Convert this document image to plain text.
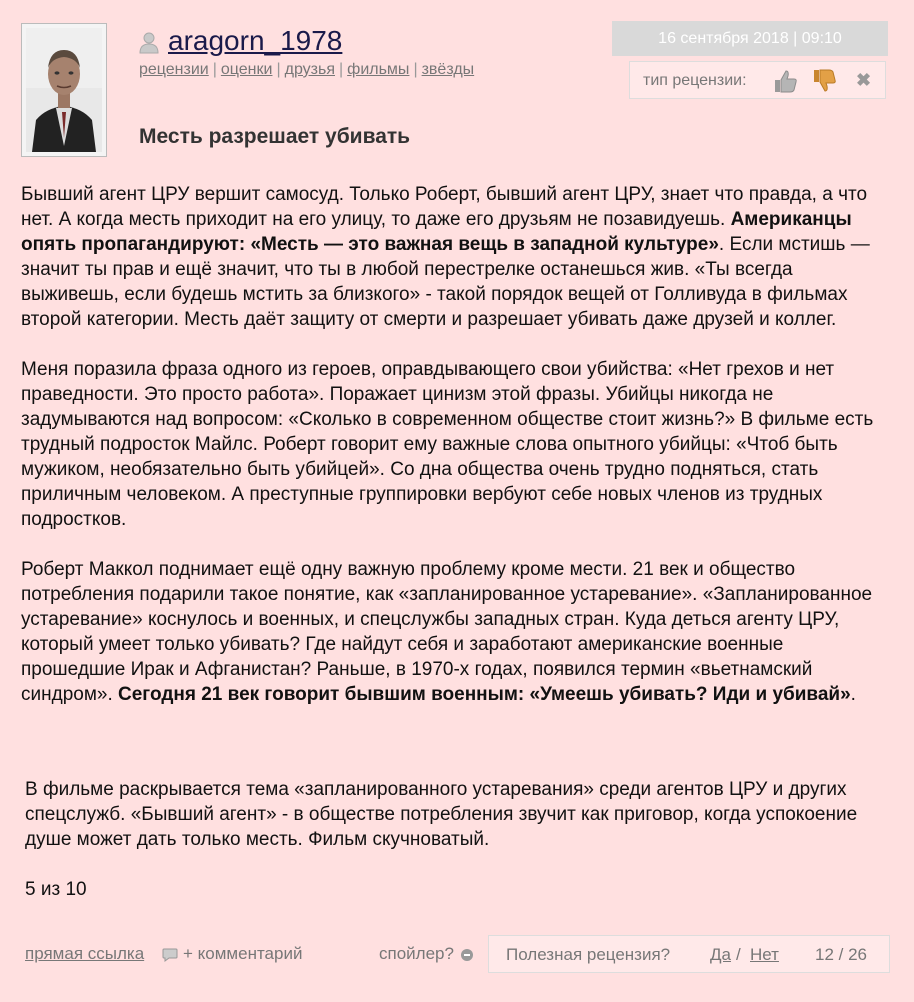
aragorn_1978
рецензии | оценки | друзья | фильмы | звёзды
Месть разрешает убивать
16 сентября 2018 | 09:10
тип рецензии:	✖

Бывший агент ЦРУ вершит самосуд. Только Роберт, бывший агент ЦРУ, знает что правда, а что нет. А когда месть приходит на его улицу, то даже его друзьям не позавидуешь. Американцы опять пропагандируют: «Месть — это важная вещь в западной культуре». Если мстишь — значит ты прав и ещё значит, что ты в любой перестрелке останешься жив. «Ты всегда выживешь, если будешь мстить за близкого» - такой порядок вещей от Голливуда в фильмах второй категории. Месть даёт защиту от смерти и разрешает убивать даже друзей и коллег.

Меня поразила фраза одного из героев, оправдывающего свои убийства: «Нет грехов и нет праведности. Это просто работа». Поражает цинизм этой фразы. Убийцы никогда не задумываются над вопросом: «Сколько в современном обществе стоит жизнь?» В фильме есть трудный подросток Майлс. Роберт говорит ему важные слова опытного убийцы: «Чтоб быть мужиком, необязательно быть убийцей». Со дна общества очень трудно подняться, стать приличным человеком. А преступные группировки вербуют себе новых членов из трудных подростков.

Роберт Маккол поднимает ещё одну важную проблему кроме мести. 21 век и общество потребления подарили такое понятие, как «запланированное устаревание». «Запланированное устаревание» коснулось и военных, и спецслужбы западных стран. Куда деться агенту ЦРУ, который умеет только убивать? Где найдут себя и заработают американские военные прошедшие Ирак и Афганистан? Раньше, в 1970-х годах, появился термин «вьетнамский синдром». Сегодня 21 век говорит бывшим военным: «Умеешь убивать? Иди и убивай».

В фильме раскрывается тема «запланированного устаревания» среди агентов ЦРУ и других спецслужб. «Бывший агент» - в обществе потребления звучит как приговор, когда успокоение душе может дать только месть. Фильм скучноватый.
5 из 10
прямая ссылка + комментарий	спойлер?	Полезная рецензия? Да / Нет 12 / 26
